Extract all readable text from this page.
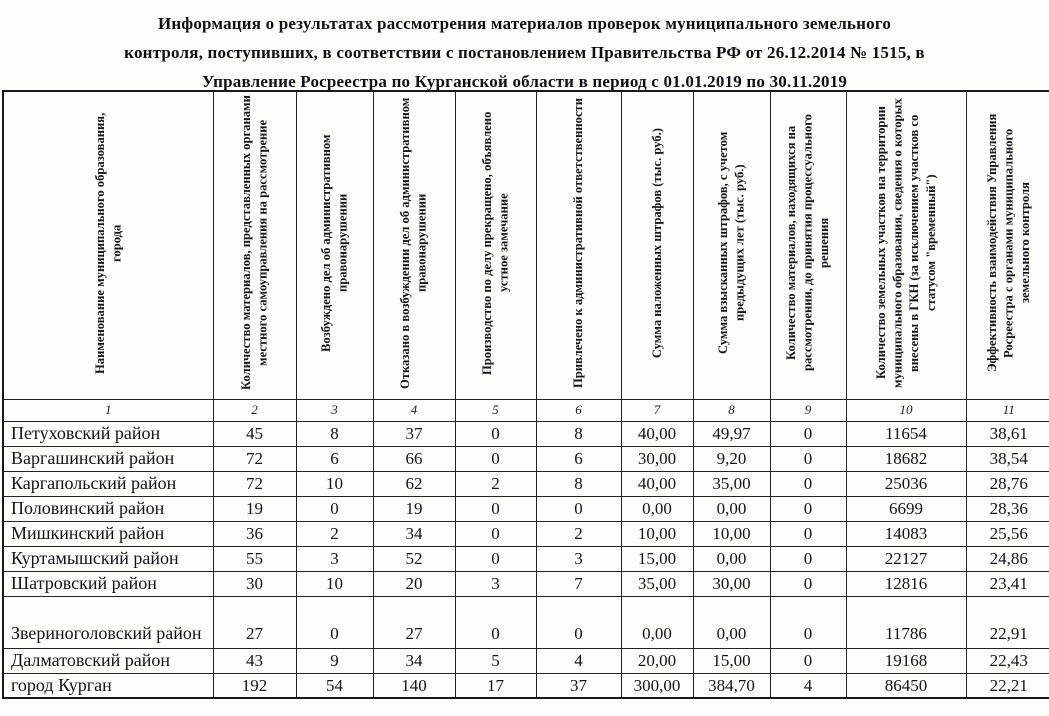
Информация о результатах рассмотрения материалов проверок муниципального земельного
контроля, поступивших, в соответствии с постановлением Правительства РФ от 26.12.2014 № 1515, в
Управление Росреестра по Курганской области в период с 01.01.2019 по 30.11.2019
Наименование муниципального образования, города	Количество материалов, представленных органами местного самоуправления на рассмотрение	Возбуждено дел об административном правонарушении	Отказано в возбуждении дел об административном правонарушении	Производство по делу прекращено, объявлено устное замечание	Привлечено к административной ответственности	Сумма наложенных штрафов (тыс. руб.)	Сумма взысканных штрафов, с учетом предыдущих лет (тыс. руб.)	Количество материалов, находящихся на рассмотрении, до принятия процессуального решения	Количество земельных участков на территории муниципального образования, сведения о которых внесены в ГКН (за исключением участков со статусом "временный")	Эффективность взаимодействия Управления Росреестра с органами муниципального земельного контроля
1	2	3	4	5	6	7	8	9	10	11
Петуховский район	45	8	37	0	8	40,00	49,97	0	11654	38,61
Варгашинский район	72	6	66	0	6	30,00	9,20	0	18682	38,54
Каргапольский район	72	10	62	2	8	40,00	35,00	0	25036	28,76
Половинский район	19	0	19	0	0	0,00	0,00	0	6699	28,36
Мишкинский район	36	2	34	0	2	10,00	10,00	0	14083	25,56
Куртамышский район	55	3	52	0	3	15,00	0,00	0	22127	24,86
Шатровский район	30	10	20	3	7	35,00	30,00	0	12816	23,41
Звериноголовский район	27	0	27	0	0	0,00	0,00	0	11786	22,91
Далматовский район	43	9	34	5	4	20,00	15,00	0	19168	22,43
город Курган	192	54	140	17	37	300,00	384,70	4	86450	22,21
